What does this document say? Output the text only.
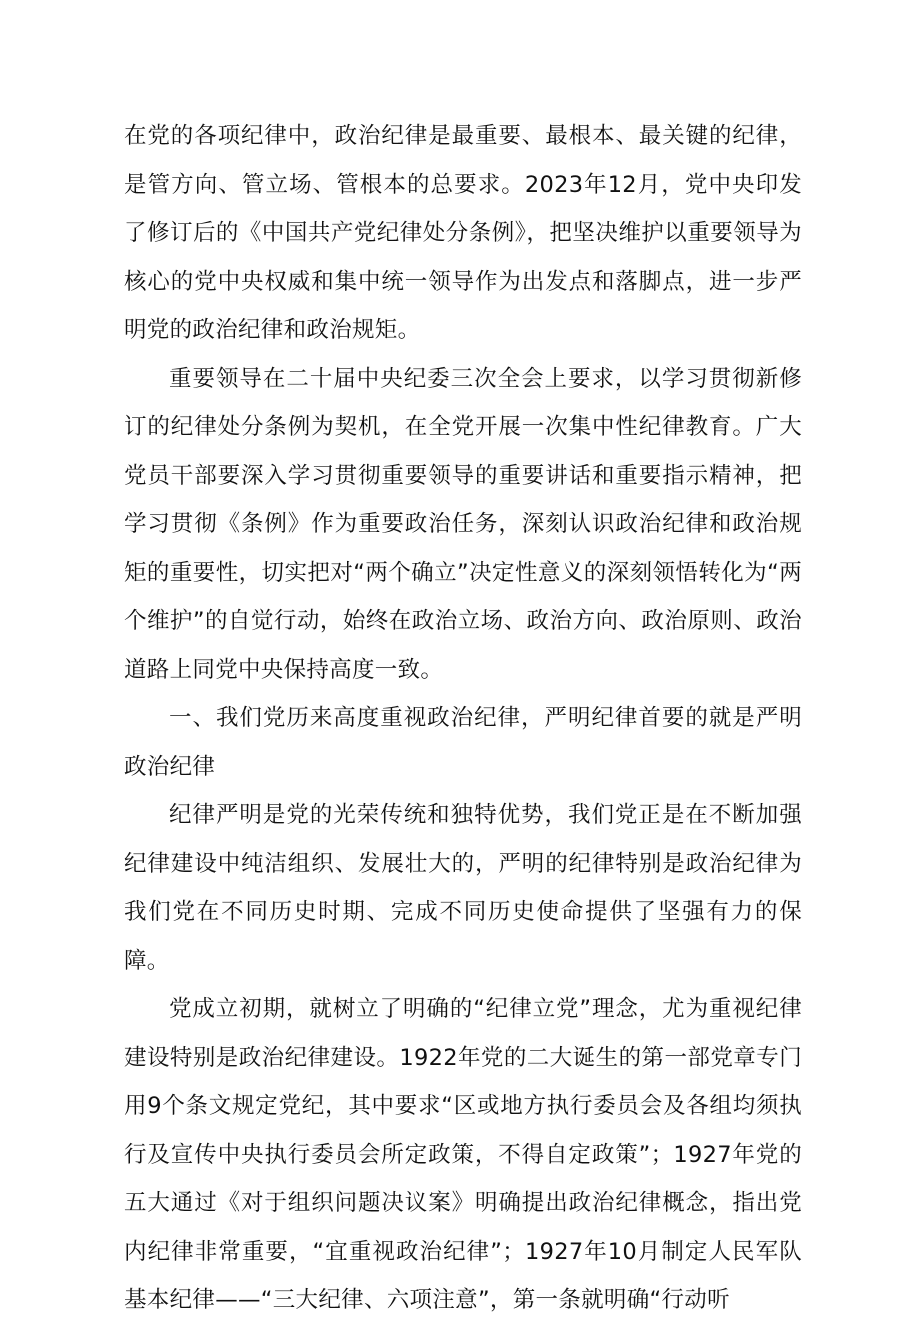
在党的各项纪律中，政治纪律是最重要、最根本、最关键的纪律，是管方向、管立场、管根本的总要求。2023年12月，党中央印发了修订后的《中国共产党纪律处分条例》，把坚决维护以重要领导为核心的党中央权威和集中统一领导作为出发点和落脚点，进一步严明党的政治纪律和政治规矩。

重要领导在二十届中央纪委三次全会上要求，以学习贯彻新修订的纪律处分条例为契机，在全党开展一次集中性纪律教育。广大党员干部要深入学习贯彻重要领导的重要讲话和重要指示精神，把学习贯彻《条例》作为重要政治任务，深刻认识政治纪律和政治规矩的重要性，切实把对“两个确立”决定性意义的深刻领悟转化为“两个维护”的自觉行动，始终在政治立场、政治方向、政治原则、政治道路上同党中央保持高度一致。

一、我们党历来高度重视政治纪律，严明纪律首要的就是严明政治纪律

纪律严明是党的光荣传统和独特优势，我们党正是在不断加强纪律建设中纯洁组织、发展壮大的，严明的纪律特别是政治纪律为我们党在不同历史时期、完成不同历史使命提供了坚强有力的保障。

党成立初期，就树立了明确的“纪律立党”理念，尤为重视纪律建设特别是政治纪律建设。1922年党的二大诞生的第一部党章专门用9个条文规定党纪，其中要求“区或地方执行委员会及各组均须执行及宣传中央执行委员会所定政策，不得自定政策”；1927年党的五大通过《对于组织问题决议案》明确提出政治纪律概念，指出党内纪律非常重要，“宜重视政治纪律”；1927年10月制定人民军队基本纪律——“三大纪律、六项注意”，第一条就明确“行动听
